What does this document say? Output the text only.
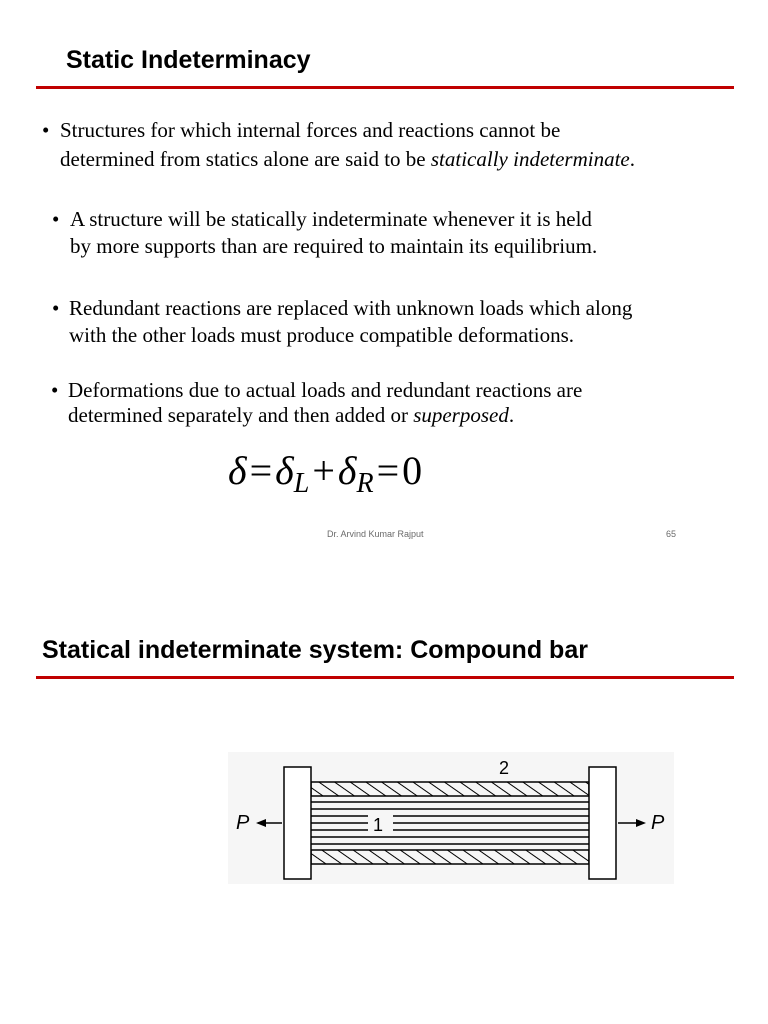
Static Indeterminacy
• Structures for which internal forces and reactions cannot be
determined from statics alone are said to be statically indeterminate.
• A structure will be statically indeterminate whenever it is held
by more supports than are required to maintain its equilibrium.
• Redundant reactions are replaced with unknown loads which along
with the other loads must produce compatible deformations.
• Deformations due to actual loads and redundant reactions are
determined separately and then added or superposed.
$\delta=\delta_L+\delta_R=0$
Dr. Arvind Kumar Rajput	65
Statical indeterminate system: Compound bar
P	P
1
2
